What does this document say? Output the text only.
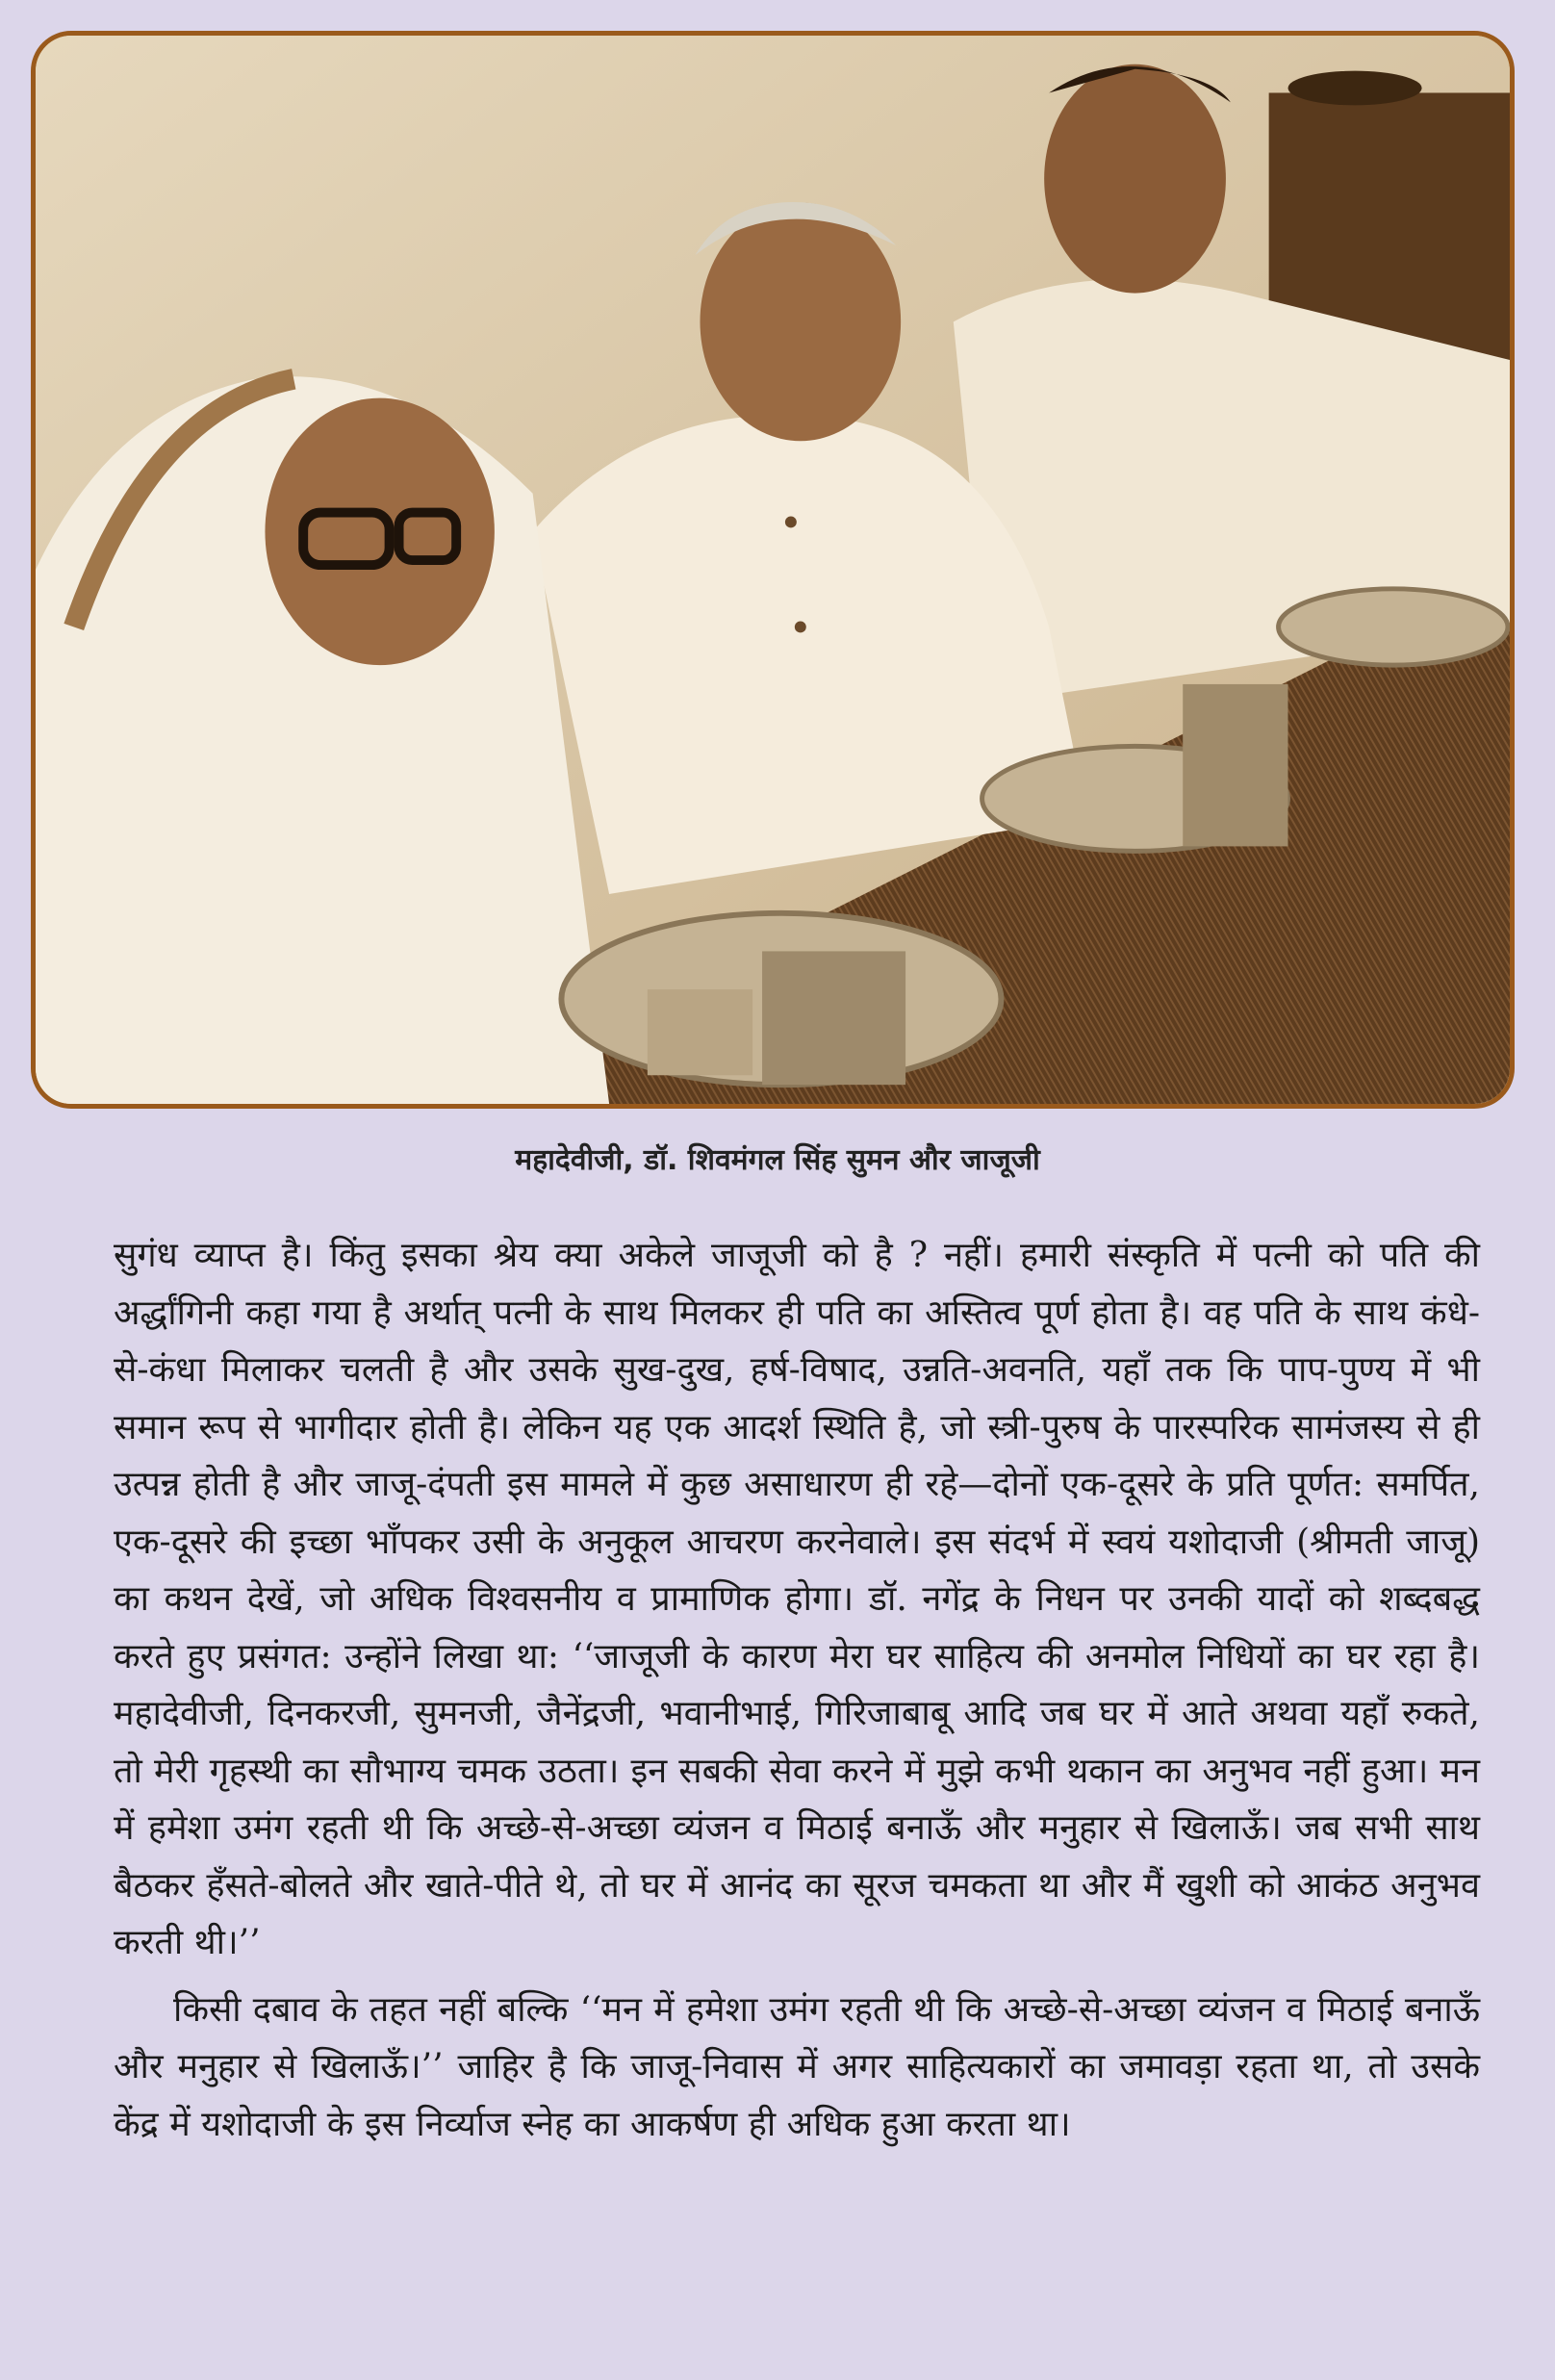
महादेवीजी, डॉ. शिवमंगल सिंह सुमन और जाजूजी

सुगंध व्याप्त है। किंतु इसका श्रेय क्या अकेले जाजूजी को है ? नहीं। हमारी संस्कृति में पत्नी को पति की अर्द्धांगिनी कहा गया है अर्थात् पत्नी के साथ मिलकर ही पति का अस्तित्व पूर्ण होता है। वह पति के साथ कंधे-से-कंधा मिलाकर चलती है और उसके सुख-दुख, हर्ष-विषाद, उन्नति-अवनति, यहाँ तक कि पाप-पुण्य में भी समान रूप से भागीदार होती है। लेकिन यह एक आदर्श स्थिति है, जो स्त्री-पुरुष के पारस्परिक सामंजस्य से ही उत्पन्न होती है और जाजू-दंपती इस मामले में कुछ असाधारण ही रहे—दोनों एक-दूसरे के प्रति पूर्णत: समर्पित, एक-दूसरे की इच्छा भाँपकर उसी के अनुकूल आचरण करनेवाले। इस संदर्भ में स्वयं यशोदाजी (श्रीमती जाजू) का कथन देखें, जो अधिक विश्वसनीय व प्रामाणिक होगा। डॉ. नगेंद्र के निधन पर उनकी यादों को शब्दबद्ध करते हुए प्रसंगत: उन्होंने लिखा था: ‘‘जाजूजी के कारण मेरा घर साहित्य की अनमोल निधियों का घर रहा है। महादेवीजी, दिनकरजी, सुमनजी, जैनेंद्रजी, भवानीभाई, गिरिजाबाबू आदि जब घर में आते अथवा यहाँ रुकते, तो मेरी गृहस्थी का सौभाग्य चमक उठता। इन सबकी सेवा करने में मुझे कभी थकान का अनुभव नहीं हुआ। मन में हमेशा उमंग रहती थी कि अच्छे-से-अच्छा व्यंजन व मिठाई बनाऊँ और मनुहार से खिलाऊँ। जब सभी साथ बैठकर हँसते-बोलते और खाते-पीते थे, तो घर में आनंद का सूरज चमकता था और मैं खुशी को आकंठ अनुभव करती थी।’’

किसी दबाव के तहत नहीं बल्कि ‘‘मन में हमेशा उमंग रहती थी कि अच्छे-से-अच्छा व्यंजन व मिठाई बनाऊँ और मनुहार से खिलाऊँ।’’ जाहिर है कि जाजू-निवास में अगर साहित्यकारों का जमावड़ा रहता था, तो उसके केंद्र में यशोदाजी के इस निर्व्याज स्नेह का आकर्षण ही अधिक हुआ करता था।
